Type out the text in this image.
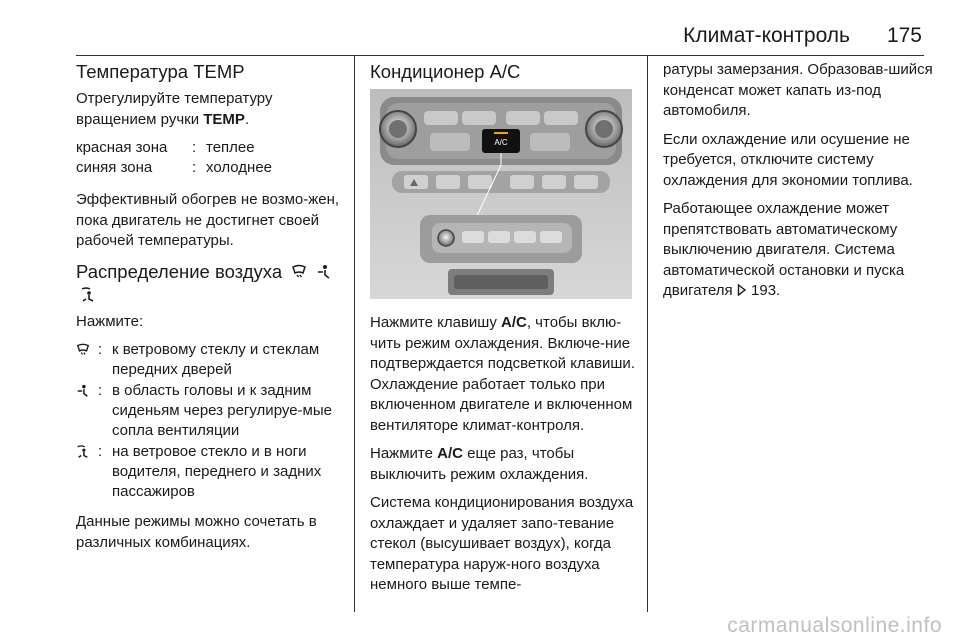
Климат-контроль 175
Температура TEMP

Отрегулируйте температуру вращением ручки TEMP.

красная зона	: теплее
синяя зона	: холоднее

Эффективный обогрев не возмо-жен, пока двигатель не достигнет своей рабочей температуры.

Распределение воздуха

Нажмите:

: к ветровому стеклу и стеклам передних дверей
: в область головы и к задним сиденьям через регулируе-мые сопла вентиляции
: на ветровое стекло и в ноги водителя, переднего и задних пассажиров

Данные режимы можно сочетать в различных комбинациях.

Кондиционер A/C
A/C

Нажмите клавишу A/C, чтобы вклю-чить режим охлаждения. Включе-ние подтверждается подсветкой клавиши. Охлаждение работает только при включенном двигателе и включенном вентиляторе климат-контроля.

Нажмите A/C еще раз, чтобы выключить режим охлаждения.

Система кондиционирования воздуха охлаждает и удаляет запо-тевание стекол (высушивает воздух), когда температура наруж-ного воздуха немного выше темпе-

ратуры замерзания. Образовав-шийся конденсат может капать из-под автомобиля.

Если охлаждение или осушение не требуется, отключите систему охлаждения для экономии топлива.

Работающее охлаждение может препятствовать автоматическому выключению двигателя. Система автоматической остановки и пуска двигателя  193.

carmanualsonline.info
